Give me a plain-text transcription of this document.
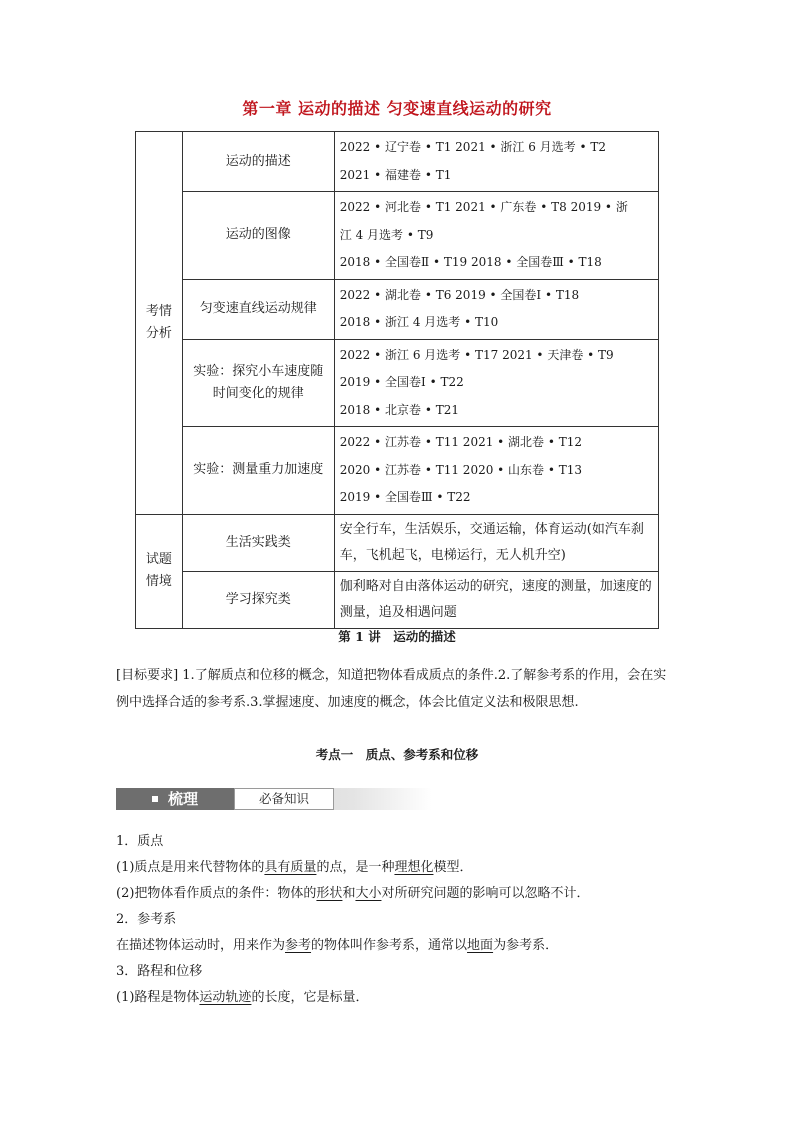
第一章 运动的描述 匀变速直线运动的研究
考情分析	运动的描述	2022 • 辽宁卷 • T1 2021 • 浙江 6 月选考 • T2
2021 • 福建卷 • T1

	运动的图像	2022 • 河北卷 • T1 2021 • 广东卷 • T8 2019 • 浙
江 4 月选考 • T9
2018 • 全国卷Ⅱ • T19 2018 • 全国卷Ⅲ • T18

	匀变速直线运动规律	2022 • 湖北卷 • T6 2019 • 全国卷Ⅰ • T18
2018 • 浙江 4 月选考 • T10

	实验：探究小车速度随时间变化的规律	2022 • 浙江 6 月选考 • T17 2021 • 天津卷 • T9
2019 • 全国卷Ⅰ • T22
2018 • 北京卷 • T21

	实验：测量重力加速度	2022 • 江苏卷 • T11 2021 • 湖北卷 • T12
2020 • 江苏卷 • T11 2020 • 山东卷 • T13
2019 • 全国卷Ⅲ • T22

试题情境	生活实践类	安全行车，生活娱乐，交通运输，体育运动(如汽车刹车，飞机起飞，电梯运行，无人机升空)
	学习探究类	伽利略对自由落体运动的研究，速度的测量，加速度的测量，追及相遇问题
第 1 讲　运动的描述
[目标要求] 1.了解质点和位移的概念，知道把物体看成质点的条件.2.了解参考系的作用，会在实例中选择合适的参考系.3.掌握速度、加速度的概念，体会比值定义法和极限思想.
考点一　质点、参考系和位移
梳理	必备知识

1．质点

(1)质点是用来代替物体的具有质量的点，是一种理想化模型．

(2)把物体看作质点的条件：物体的形状和大小对所研究问题的影响可以忽略不计．

2．参考系

在描述物体运动时，用来作为参考的物体叫作参考系，通常以地面为参考系．

3．路程和位移

(1)路程是物体运动轨迹的长度，它是标量．
